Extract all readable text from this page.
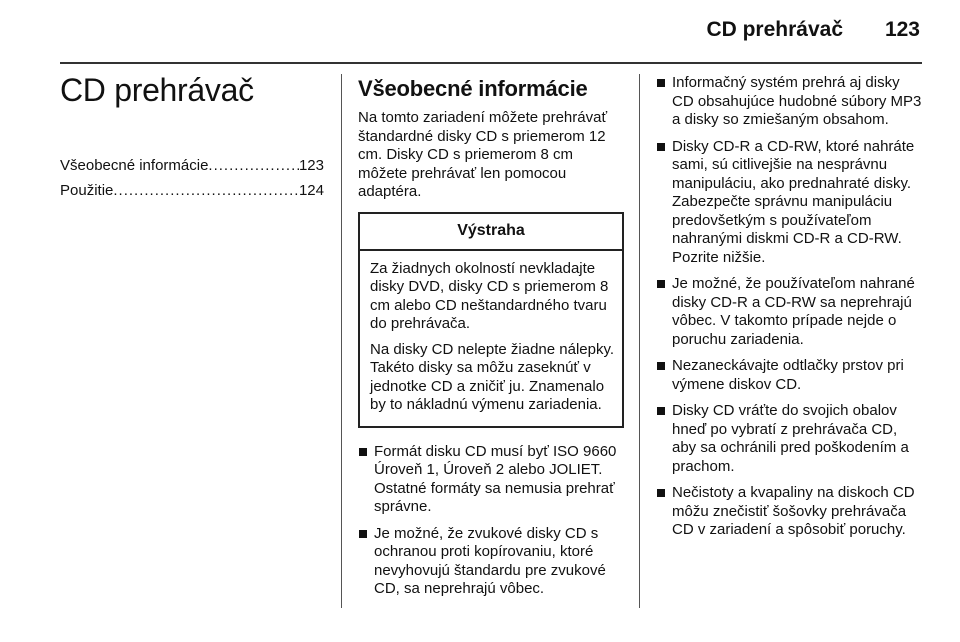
CD prehrávač 123
CD prehrávač
Všeobecné informácie .....	123
Použitie .....	124
Všeobecné informácie

Na tomto zariadení môžete prehrávať štandardné disky CD s priemerom 12 cm. Disky CD s priemerom 8 cm môžete prehrávať len pomocou adaptéra.

Výstraha

Za žiadnych okolností nevkladajte disky DVD, disky CD s priemerom 8 cm alebo CD neštandardného tvaru do prehrávača.

Na disky CD nelepte žiadne nálepky. Takéto disky sa môžu zaseknúť v jednotke CD a zničiť ju. Znamenalo by to nákladnú výmenu zariadenia.

Formát disku CD musí byť ISO 9660 Úroveň 1, Úroveň 2 alebo JOLIET. Ostatné formáty sa nemusia prehrať správne.
Je možné, že zvukové disky CD s ochranou proti kopírovaniu, ktoré nevyhovujú štandardu pre zvukové CD, sa neprehrajú vôbec.
Informačný systém prehrá aj disky CD obsahujúce hudobné súbory MP3 a disky so zmiešaným obsahom.
Disky CD-R a CD-RW, ktoré nahráte sami, sú citlivejšie na nesprávnu manipuláciu, ako prednahraté disky. Zabezpečte správnu manipuláciu predovšetkým s používateľom nahranými diskmi CD-R a CD-RW. Pozrite nižšie.
Je možné, že používateľom nahrané disky CD-R a CD-RW sa neprehrajú vôbec. V takomto prípade nejde o poruchu zariadenia.
Nezaneckávajte odtlačky prstov pri výmene diskov CD.
Disky CD vráťte do svojich obalov hneď po vybratí z prehrávača CD, aby sa ochránili pred poškodením a prachom.
Nečistoty a kvapaliny na diskoch CD môžu znečistiť šošovky prehrávača CD v zariadení a spôsobiť poruchy.
